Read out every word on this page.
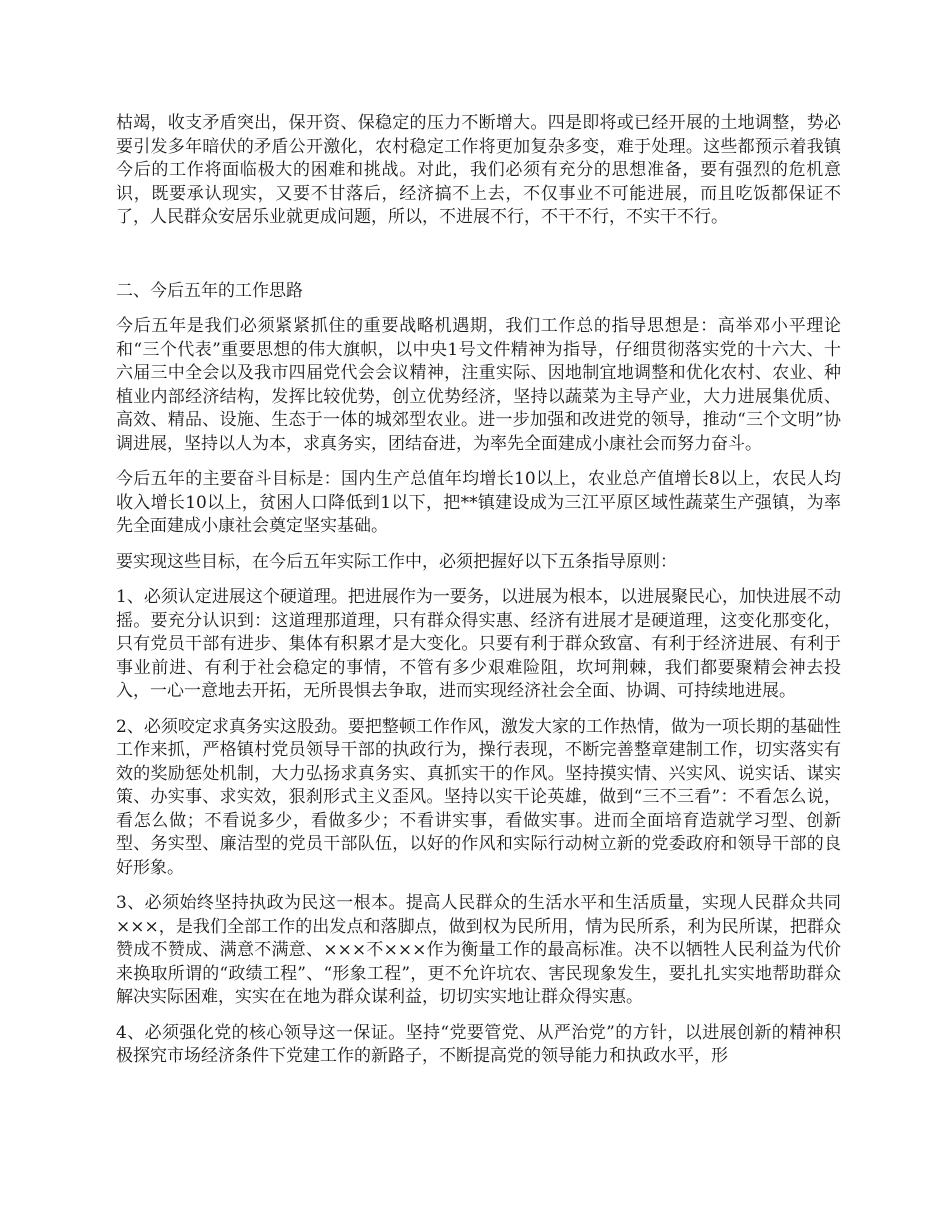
枯竭，收支矛盾突出，保开资、保稳定的压力不断增大。四是即将或已经开展的土地调整，势必要引发多年暗伏的矛盾公开激化，农村稳定工作将更加复杂多变，难于处理。这些都预示着我镇今后的工作将面临极大的困难和挑战。对此，我们必须有充分的思想准备，要有强烈的危机意识，既要承认现实，又要不甘落后，经济搞不上去，不仅事业不可能进展，而且吃饭都保证不了，人民群众安居乐业就更成问题，所以，不进展不行，不干不行，不实干不行。

二、今后五年的工作思路

今后五年是我们必须紧紧抓住的重要战略机遇期，我们工作总的指导思想是：高举邓小平理论和“三个代表”重要思想的伟大旗帜，以中央1号文件精神为指导，仔细贯彻落实党的十六大、十六届三中全会以及我市四届党代会会议精神，注重实际、因地制宜地调整和优化农村、农业、种植业内部经济结构，发挥比较优势，创立优势经济，坚持以蔬菜为主导产业，大力进展集优质、高效、精品、设施、生态于一体的城郊型农业。进一步加强和改进党的领导，推动“三个文明”协调进展，坚持以人为本，求真务实，团结奋进，为率先全面建成小康社会而努力奋斗。

今后五年的主要奋斗目标是：国内生产总值年均增长10以上，农业总产值增长8以上，农民人均收入增长10以上，贫困人口降低到1以下，把**镇建设成为三江平原区域性蔬菜生产强镇，为率先全面建成小康社会奠定坚实基础。

要实现这些目标，在今后五年实际工作中，必须把握好以下五条指导原则：

1、必须认定进展这个硬道理。把进展作为一要务，以进展为根本，以进展聚民心，加快进展不动摇。要充分认识到：这道理那道理，只有群众得实惠、经济有进展才是硬道理，这变化那变化，只有党员干部有进步、集体有积累才是大变化。只要有利于群众致富、有利于经济进展、有利于事业前进、有利于社会稳定的事情，不管有多少艰难险阻，坎坷荆棘，我们都要聚精会神去投入，一心一意地去开拓，无所畏惧去争取，进而实现经济社会全面、协调、可持续地进展。

2、必须咬定求真务实这股劲。要把整顿工作作风，激发大家的工作热情，做为一项长期的基础性工作来抓，严格镇村党员领导干部的执政行为，操行表现，不断完善整章建制工作，切实落实有效的奖励惩处机制，大力弘扬求真务实、真抓实干的作风。坚持摸实情、兴实风、说实话、谋实策、办实事、求实效，狠刹形式主义歪风。坚持以实干论英雄，做到“三不三看”：不看怎么说，看怎么做；不看说多少，看做多少；不看讲实事，看做实事。进而全面培育造就学习型、创新型、务实型、廉洁型的党员干部队伍，以好的作风和实际行动树立新的党委政府和领导干部的良好形象。

3、必须始终坚持执政为民这一根本。提高人民群众的生活水平和生活质量，实现人民群众共同×××，是我们全部工作的出发点和落脚点，做到权为民所用，情为民所系，利为民所谋，把群众赞成不赞成、满意不满意、×××不×××作为衡量工作的最高标准。决不以牺牲人民利益为代价来换取所谓的“政绩工程”、“形象工程”，更不允许坑农、害民现象发生，要扎扎实实地帮助群众解决实际困难，实实在在地为群众谋利益，切切实实地让群众得实惠。

4、必须强化党的核心领导这一保证。坚持“党要管党、从严治党”的方针，以进展创新的精神积极探究市场经济条件下党建工作的新路子，不断提高党的领导能力和执政水平，形
